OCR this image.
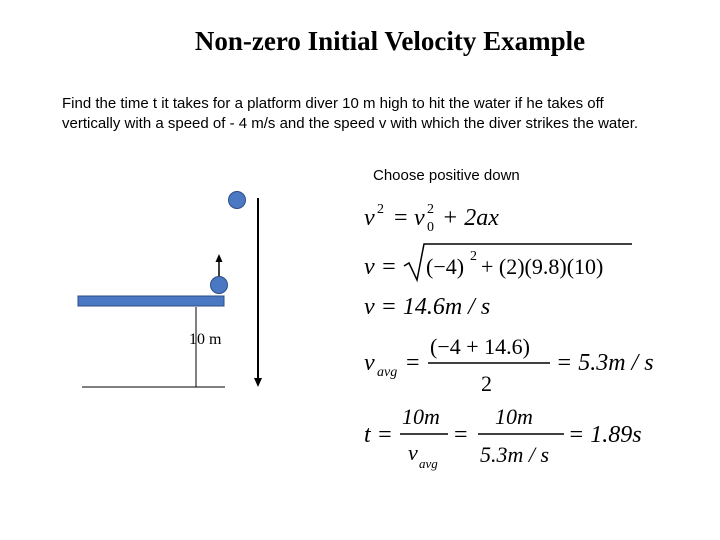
Non-zero Initial Velocity Example
Find the time t it takes for a platform diver 10 m high to hit the water if he takes off vertically with a speed of - 4 m/s and the speed v with which the diver strikes the water.
Choose positive down
10 m
v 2 = v 2
0 + 2ax
v = (−4) 2 + (2)(9.8)(10)
v = 14.6m / s
v avg =
(−4 + 14.6)
2
= 5.3m / s
t =
10m
v avg
=
10m
5.3m / s
= 1.89s
